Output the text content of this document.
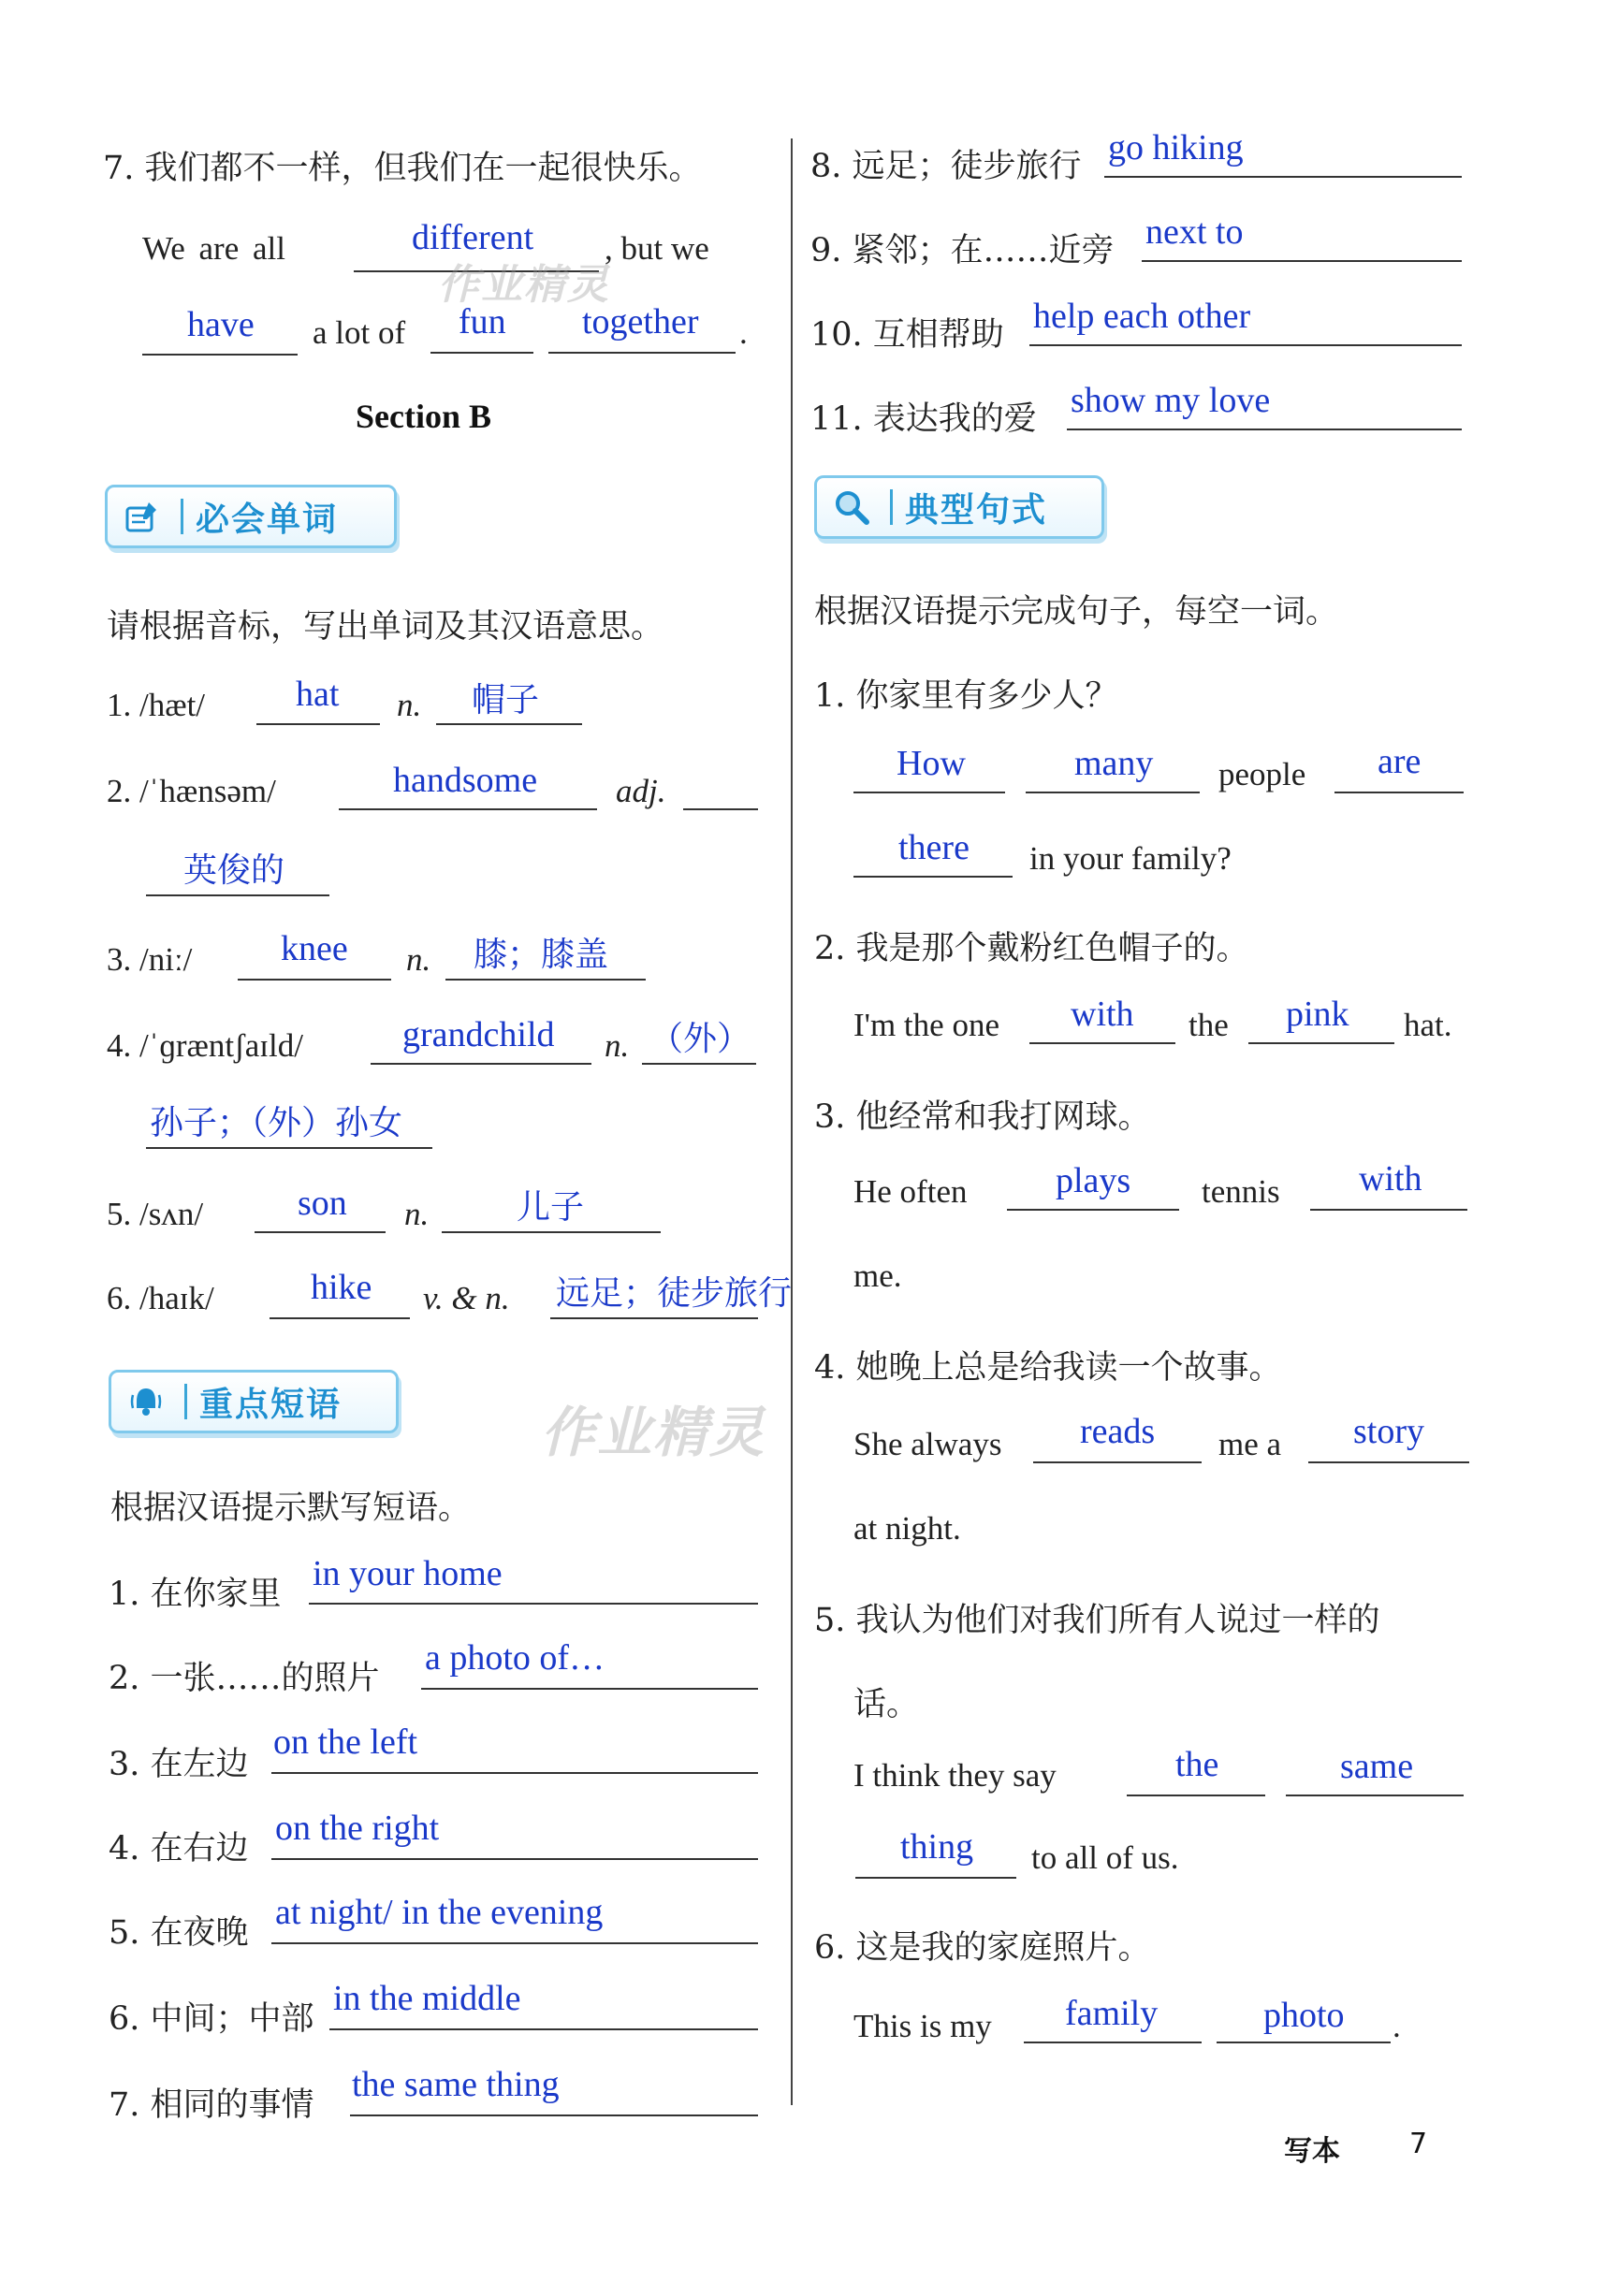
7. 我们都不一样，但我们在一起很快乐。
We are all	different , but we
have a lot of fun together .
Section B
必会单词
请根据音标，写出单词及其汉语意思。
1. /hæt/	hat n. 帽子
2. /ˈhænsəm/	handsome adj.
英俊的
3. /niː/ knee n. 膝；膝盖
4. /ˈɡræntʃaɪld/	grandchild n. （外）
孙子；（外）孙女
5. /sʌn/	son n.	儿子
6. /haɪk/	hike v. & n. 远足；徒步旅行
重点短语
根据汉语提示默写短语。
1. 在你家里
in your home
2. 一张……的照片
a photo of…
3. 在左边
on the left
4. 在右边
on the right
5. 在夜晚
at night/ in the evening
6. 中间；中部
in the middle
7. 相同的事情
the same thing
8. 远足；徒步旅行 go hiking
9. 紧邻；在……近旁 next to
10. 互相帮助 help each other
11. 表达我的爱 show my love
典型句式
根据汉语提示完成句子，每空一词。
1. 你家里有多少人？
How	many people are
there in your family?
2. 我是那个戴粉红色帽子的。
I'm the one with the pink hat.
3. 他经常和我打网球。
He often plays tennis with
me.
4. 她晚上总是给我读一个故事。
She always reads me a story
at night.
5. 我认为他们对我们所有人说过一样的
话。
I think they say	the	same
thing to all of us.
6. 这是我的家庭照片。
This is my family	photo .
作业精灵
作业精灵
写本 7
